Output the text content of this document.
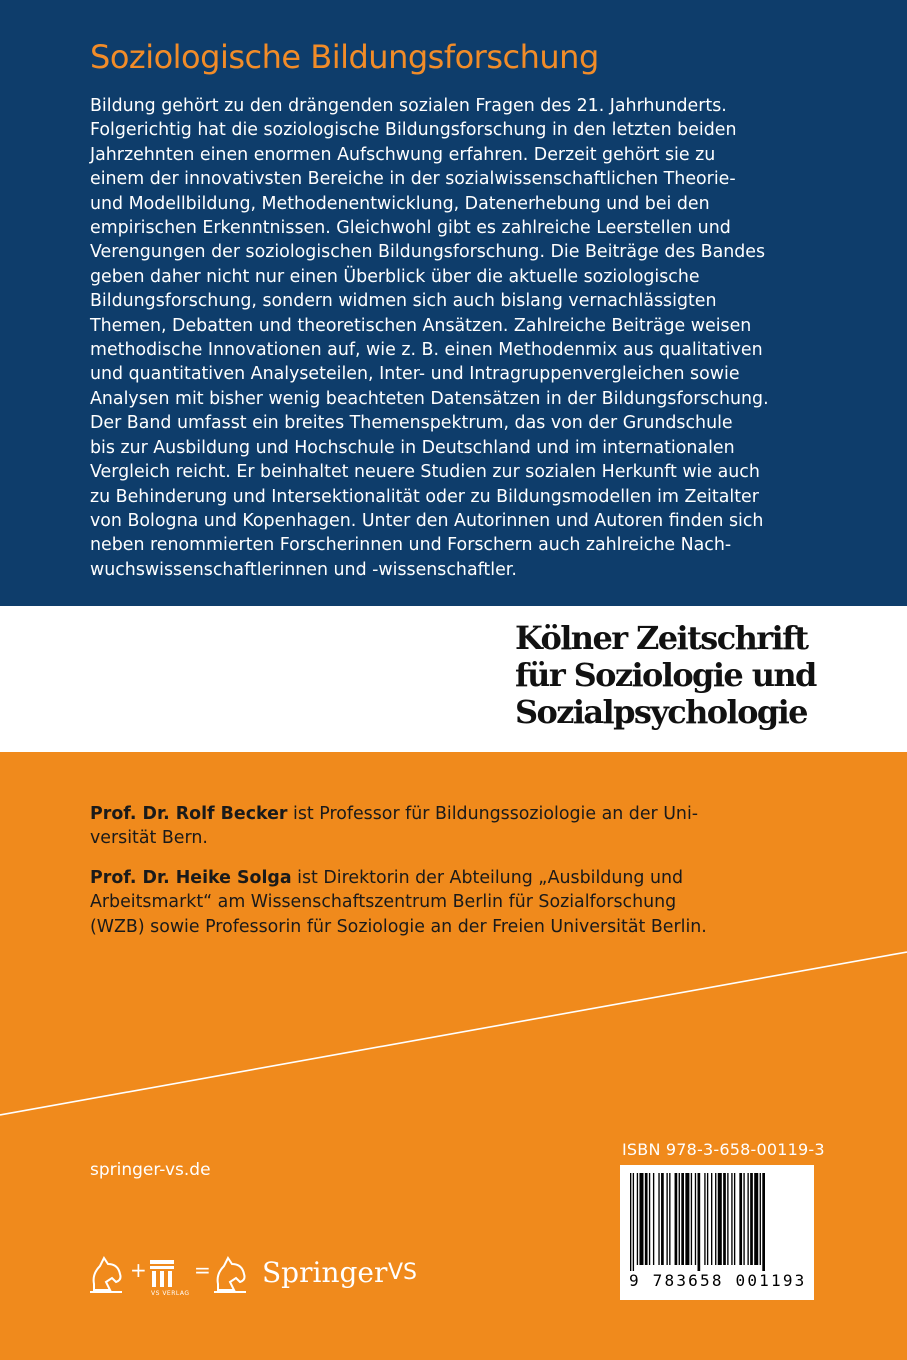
Soziologische Bildungsforschung

Bildung gehört zu den drängenden sozialen Fragen des 21. Jahrhunderts.
Folgerichtig hat die soziologische Bildungsforschung in den letzten beiden
Jahrzehnten einen enormen Aufschwung erfahren. Derzeit gehört sie zu
einem der innovativsten Bereiche in der sozialwissenschaftlichen Theorie-
und Modellbildung, Methodenentwicklung, Datenerhebung und bei den
empirischen Erkenntnissen. Gleichwohl gibt es zahlreiche Leerstellen und
Verengungen der soziologischen Bildungsforschung. Die Beiträge des Bandes
geben daher nicht nur einen Überblick über die aktuelle soziologische
Bildungsforschung, sondern widmen sich auch bislang vernachlässigten
Themen, Debatten und theoretischen Ansätzen. Zahlreiche Beiträge weisen
methodische Innovationen auf, wie z. B. einen Methodenmix aus qualitativen
und quantitativen Analyseteilen, Inter- und Intragruppenvergleichen sowie
Analysen mit bisher wenig beachteten Datensätzen in der Bildungsforschung.
Der Band umfasst ein breites Themenspektrum, das von der Grundschule
bis zur Ausbildung und Hochschule in Deutschland und im internationalen
Vergleich reicht. Er beinhaltet neuere Studien zur sozialen Herkunft wie auch
zu Behinderung und Intersektionalität oder zu Bildungsmodellen im Zeitalter
von Bologna und Kopenhagen. Unter den Autorinnen und Autoren finden sich
neben renommierten Forscherinnen und Forschern auch zahlreiche Nach-
wuchswissenschaftlerinnen und -wissenschaftler.

Kölner Zeitschrift
für Soziologie und
Sozialpsychologie

Prof. Dr. Rolf Becker ist Professor für Bildungssoziologie an der Uni-
versität Bern.

Prof. Dr. Heike Solga ist Direktorin der Abteilung „Ausbildung und
Arbeitsmarkt“ am Wissenschaftszentrum Berlin für Sozialforschung
(WZB) sowie Professorin für Soziologie an der Freien Universität Berlin.

springer-vs.de

ISBN 978-3-658-00119-3

9 783658 001193

+

VS VERLAG

= Springer VS
